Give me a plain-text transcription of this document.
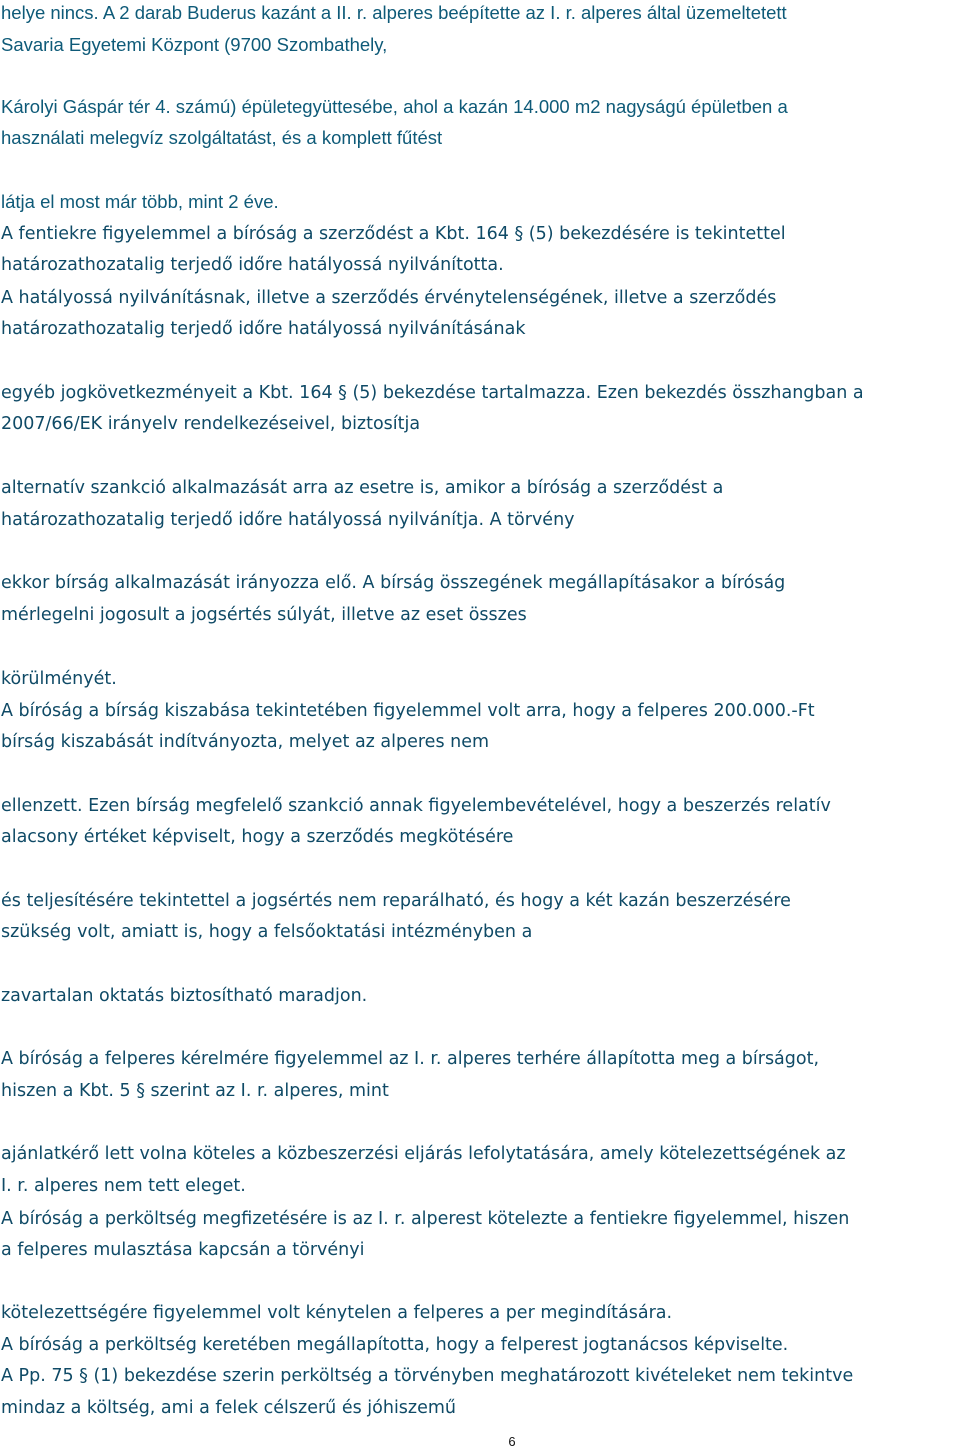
helye nincs. A 2 darab Buderus kazánt a II. r. alperes beépítette az I. r. alperes által üzemeltetett
Savaria Egyetemi Központ (9700 Szombathely,
Károlyi Gáspár tér 4. számú) épületegyüttesébe, ahol a kazán 14.000 m2 nagyságú épületben a
használati melegvíz szolgáltatást, és a komplett fűtést
látja el most már több, mint 2 éve.
A fentiekre figyelemmel a bíróság a szerződést a Kbt. 164 § (5) bekezdésére is tekintettel
határozathozatalig terjedő időre hatályossá nyilvánította.
A hatályossá nyilvánításnak, illetve a szerződés érvénytelenségének, illetve a szerződés
határozathozatalig terjedő időre hatályossá nyilvánításának
egyéb jogkövetkezményeit a Kbt. 164 § (5) bekezdése tartalmazza. Ezen bekezdés összhangban a
2007/66/EK irányelv rendelkezéseivel, biztosítja
alternatív szankció alkalmazását arra az esetre is, amikor a bíróság a szerződést a
határozathozatalig terjedő időre hatályossá nyilvánítja. A törvény
ekkor bírság alkalmazását irányozza elő. A bírság összegének megállapításakor a bíróság
mérlegelni jogosult a jogsértés súlyát, illetve az eset összes
körülményét.
A bíróság a bírság kiszabása tekintetében figyelemmel volt arra, hogy a felperes 200.000.-Ft
bírság kiszabását indítványozta, melyet az alperes nem
ellenzett. Ezen bírság megfelelő szankció annak figyelembevételével, hogy a beszerzés relatív
alacsony értéket képviselt, hogy a szerződés megkötésére
és teljesítésére tekintettel a jogsértés nem reparálható, és hogy a két kazán beszerzésére
szükség volt, amiatt is, hogy a felsőoktatási intézményben a
zavartalan oktatás biztosítható maradjon.
A bíróság a felperes kérelmére figyelemmel az I. r. alperes terhére állapította meg a bírságot,
hiszen a Kbt. 5 § szerint az I. r. alperes, mint
ajánlatkérő lett volna köteles a közbeszerzési eljárás lefolytatására, amely kötelezettségének az
I. r. alperes nem tett eleget.
A bíróság a perköltség megfizetésére is az I. r. alperest kötelezte a fentiekre figyelemmel, hiszen
a felperes mulasztása kapcsán a törvényi
kötelezettségére figyelemmel volt kénytelen a felperes a per megindítására.
A bíróság a perköltség keretében megállapította, hogy a felperest jogtanácsos képviselte.
A Pp. 75 § (1) bekezdése szerin perköltség a törvényben meghatározott kivételeket nem tekintve
mindaz a költség, ami a felek célszerű és jóhiszemű
6
